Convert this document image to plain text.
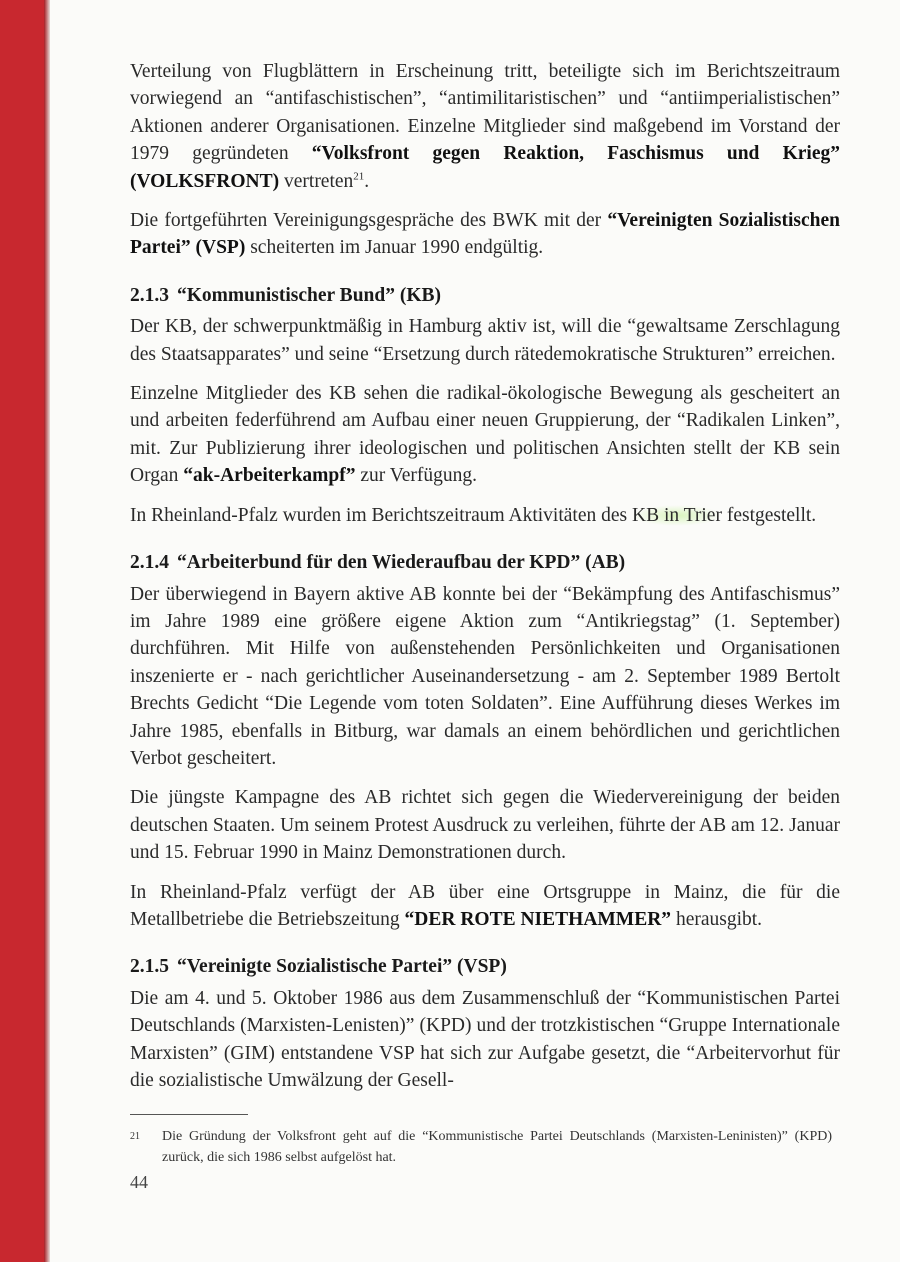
Verteilung von Flugblättern in Erscheinung tritt, beteiligte sich im Berichtszeitraum vorwiegend an “antifaschistischen”, “antimilitaristischen” und “antiimperialistischen” Aktionen anderer Organisationen. Einzelne Mitglieder sind maßgebend im Vorstand der 1979 gegründeten “Volksfront gegen Reaktion, Faschismus und Krieg” (VOLKSFRONT) vertreten$^{21}$.

Die fortgeführten Vereinigungsgespräche des BWK mit der “Vereinigten Sozialistischen Partei” (VSP) scheiterten im Januar 1990 endgültig.

2.1.3 “Kommunistischer Bund” (KB)

Der KB, der schwerpunktmäßig in Hamburg aktiv ist, will die “gewaltsame Zerschlagung des Staatsapparates” und seine “Ersetzung durch rätedemokratische Strukturen” erreichen.

Einzelne Mitglieder des KB sehen die radikal-ökologische Bewegung als gescheitert an und arbeiten federführend am Aufbau einer neuen Gruppierung, der “Radikalen Linken”, mit. Zur Publizierung ihrer ideologischen und politischen Ansichten stellt der KB sein Organ “ak-Arbeiterkampf” zur Verfügung.

In Rheinland-Pfalz wurden im Berichtszeitraum Aktivitäten des KB in Trier festgestellt.

2.1.4 “Arbeiterbund für den Wiederaufbau der KPD” (AB)

Der überwiegend in Bayern aktive AB konnte bei der “Bekämpfung des Antifaschismus” im Jahre 1989 eine größere eigene Aktion zum “Antikriegstag” (1. September) durchführen. Mit Hilfe von außenstehenden Persönlichkeiten und Organisationen inszenierte er - nach gerichtlicher Auseinandersetzung - am 2. September 1989 Bertolt Brechts Gedicht “Die Legende vom toten Soldaten”. Eine Aufführung dieses Werkes im Jahre 1985, ebenfalls in Bitburg, war damals an einem behördlichen und gerichtlichen Verbot gescheitert.

Die jüngste Kampagne des AB richtet sich gegen die Wiedervereinigung der beiden deutschen Staaten. Um seinem Protest Ausdruck zu verleihen, führte der AB am 12. Januar und 15. Februar 1990 in Mainz Demonstrationen durch.

In Rheinland-Pfalz verfügt der AB über eine Ortsgruppe in Mainz, die für die Metallbetriebe die Betriebszeitung “DER ROTE NIETHAMMER” herausgibt.

2.1.5 “Vereinigte Sozialistische Partei” (VSP)

Die am 4. und 5. Oktober 1986 aus dem Zusammenschluß der “Kommunistischen Partei Deutschlands (Marxisten-Lenisten)” (KPD) und der trotzkistischen “Gruppe Internationale Marxisten” (GIM) entstandene VSP hat sich zur Aufgabe gesetzt, die “Arbeitervorhut für die sozialistische Umwälzung der Gesell-

21 Die Gründung der Volksfront geht auf die “Kommunistische Partei Deutschlands (Marxisten-Leninisten)” (KPD) zurück, die sich 1986 selbst aufgelöst hat.
44
